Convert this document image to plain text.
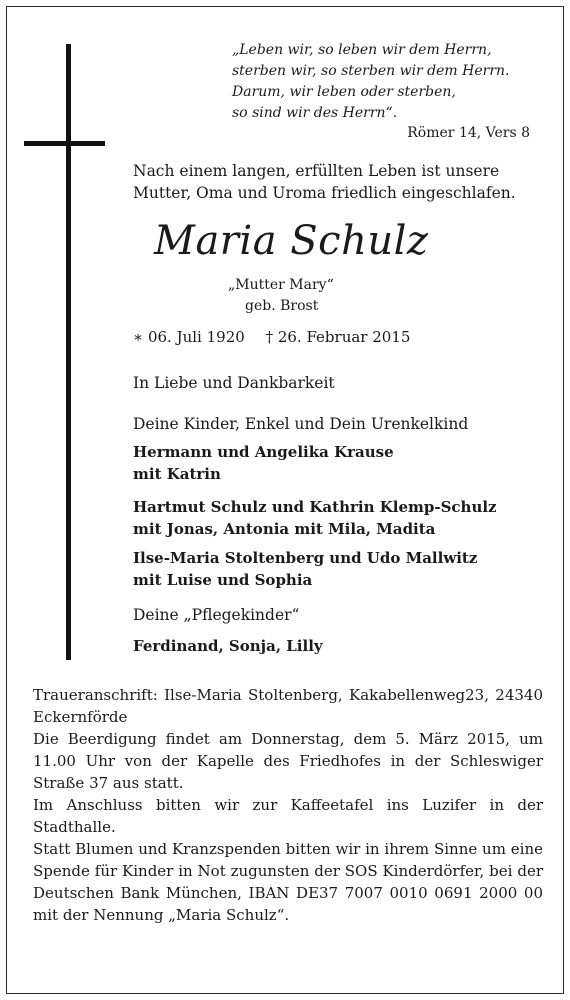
„Leben wir, so leben wir dem Herrn,
sterben wir, so sterben wir dem Herrn.
Darum, wir leben oder sterben,
so sind wir des Herrn“.
Römer 14, Vers 8
Nach einem langen, erfüllten Leben ist unsere
Mutter, Oma und Uroma friedlich eingeschlafen.
Maria Schulz
„Mutter Mary“
geb. Brost
∗ 06. Juli 1920 † 26. Februar 2015
In Liebe und Dankbarkeit
Deine Kinder, Enkel und Dein Urenkelkind
Hermann und Angelika Krause
mit Katrin
Hartmut Schulz und Kathrin Klemp-Schulz
mit Jonas, Antonia mit Mila, Madita
Ilse-Maria Stoltenberg und Udo Mallwitz
mit Luise und Sophia
Deine „Pflegekinder“
Ferdinand, Sonja, Lilly

Traueranschrift: Ilse-Maria Stoltenberg, Kakabellenweg23, 24340 Eckernförde

Die Beerdigung findet am Donnerstag, dem 5. März 2015, um 11.00 Uhr von der Kapelle des Friedhofes in der Schleswiger Straße 37 aus statt.

Im Anschluss bitten wir zur Kaffeetafel ins Luzifer in der Stadthalle.

Statt Blumen und Kranzspenden bitten wir in ihrem Sinne um eine Spende für Kinder in Not zugunsten der SOS Kinderdörfer, bei der Deutschen Bank München, IBAN DE37 7007 0010 0691 2000 00 mit der Nennung „Maria Schulz“.
